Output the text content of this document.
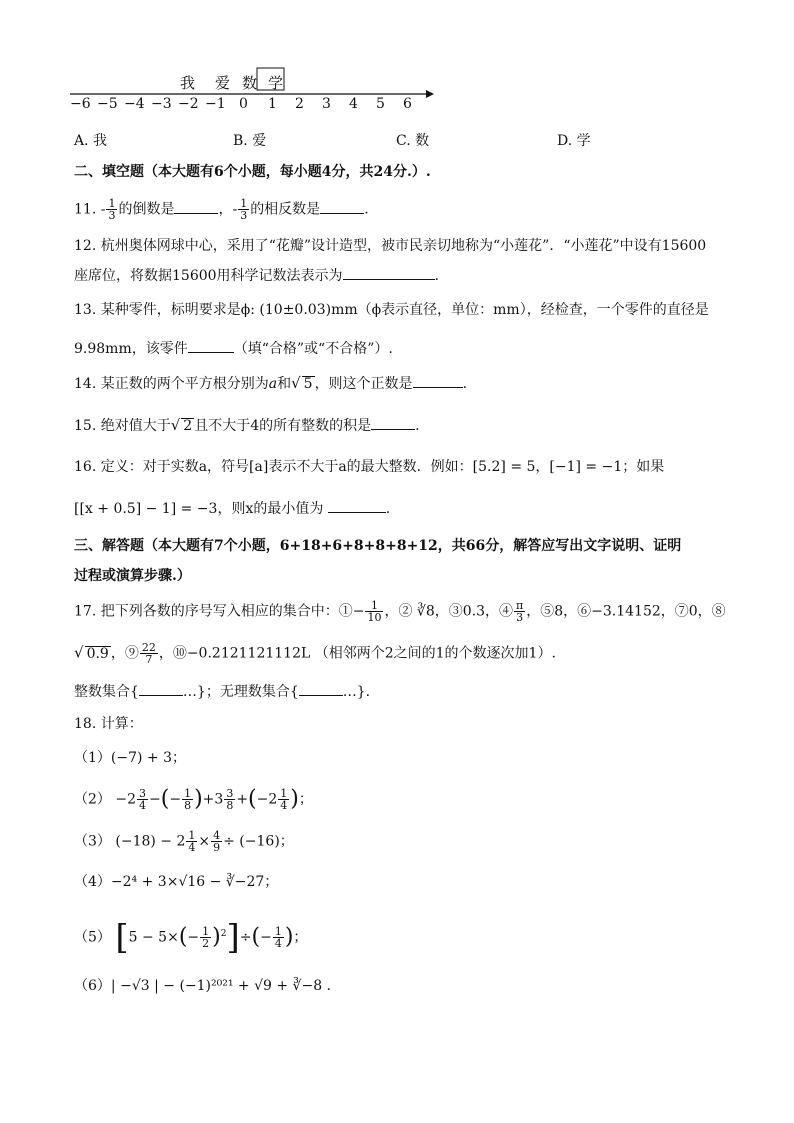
我 爱 数 学
−6 −5 −4 −3 −2 −1 0 1 2 3 4 5 6
A. 我	B. 爱	C. 数	D. 学
二、填空题（本大题有6个小题，每小题4分，共24分.）.
11. - $\frac{1}{3}$ 的倒数是	，- $\frac{1}{3}$ 的相反数是	.
12. 杭州奥体网球中心，采用了“花瓣”设计造型，被市民亲切地称为“小莲花”．“小莲花”中设有15600
座席位，将数据15600用科学记数法表示为	.
13. 某种零件，标明要求是ϕ: (10±0.03)mm（ϕ表示直径，单位：mm），经检查，一个零件的直径是
9.98mm，该零件	（填“合格”或“不合格”）.
14. 某正数的两个平方根分别为a和√ 5 ，则这个正数是	.
15. 绝对值大于√ 2 且不大于4的所有整数的积是	.
16. 定义：对于实数a，符号[a]表示不大于a的最大整数．例如：[5.2] = 5，[−1] = −1；如果
[[x + 0.5] − 1] = −3，则x的最小值为	.
三、解答题（本大题有7个小题，6+18+6+8+8+8+12，共66分，解答应写出文字说明、证明
过程或演算步骤.）
17. 把下列各数的序号写入相应的集合中：①− $\frac{1}{10}$ ，② ∛8，③0.3，④ $\frac{\pi}{3}$ ，⑤8，⑥−3.14152，⑦0，⑧
√ 0.9 ，⑨ $\frac{22}{7}$ ，⑩−0.2121121112L （相邻两个2之间的1的个数逐次加1）.
整数集合{	…}；无理数集合{	…}.
18. 计算：
（1）(−7) + 3；
$(2) -2 \frac{3}{4}$ −(− $\frac{1}{8} )+3 \frac{3}{8} +(-2 \frac{1}{4}$ )；
（3） $(-18) - 2 \frac{1}{4} \times \frac{4}{9} \div (-16)$；
（4）−2⁴ + 3×√16 − ∛−27；
（5） $[5 - 5\times(- \frac{1}{2} )^2]\div(- \frac{1}{4}$ )；
（6）| −√3 | − (−1)²⁰²¹ + √9 + ∛−8 .
